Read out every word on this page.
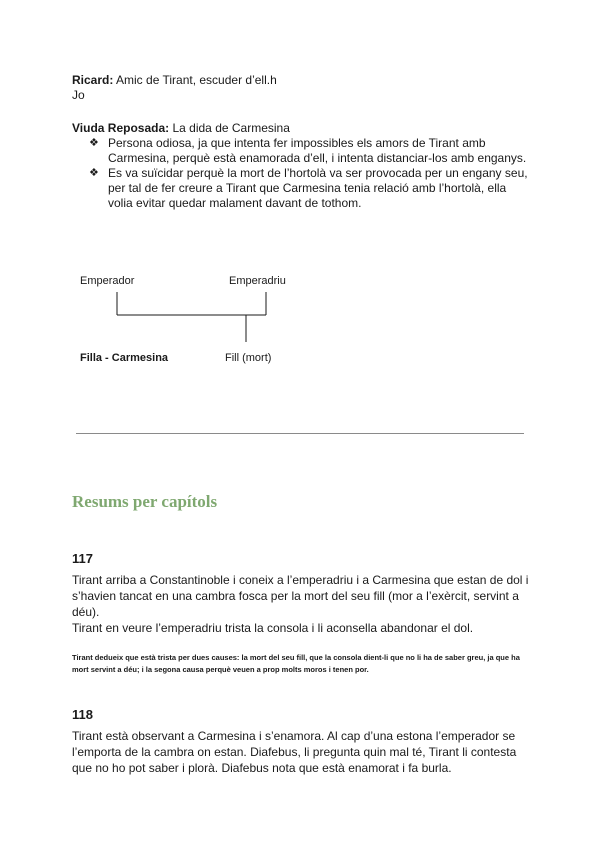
Ricard: Amic de Tirant, escuder d’ell.h
Jo
Viuda Reposada: La dida de Carmesina
❖ Persona odiosa, ja que intenta fer impossibles els amors de Tirant amb Carmesina, perquè està enamorada d’ell, i intenta distanciar-los amb enganys.
❖ Es va suïcidar perquè la mort de l’hortolà va ser provocada per un engany seu, per tal de fer creure a Tirant que Carmesina tenia relació amb l’hortolà, ella volia evitar quedar malament davant de tothom.
Emperador	Emperadriu
Filla - Carmesina	Fill (mort)
Resums per capítols
117
Tirant arriba a Constantinoble i coneix a l’emperadriu i a Carmesina que estan de dol i s’havien tancat en una cambra fosca per la mort del seu fill (mor a l’exèrcit, servint a déu).
Tirant en veure l’emperadriu trista la consola i li aconsella abandonar el dol.
Tirant dedueix que està trista per dues causes: la mort del seu fill, que la consola dient-li que no li ha de saber greu, ja que ha mort servint a déu; i la segona causa perquè veuen a prop molts moros i tenen por.
118
Tirant està observant a Carmesina i s’enamora. Al cap d’una estona l’emperador se l’emporta de la cambra on estan. Diafebus, li pregunta quin mal té, Tirant li contesta que no ho pot saber i plorà. Diafebus nota que està enamorat i fa burla.
